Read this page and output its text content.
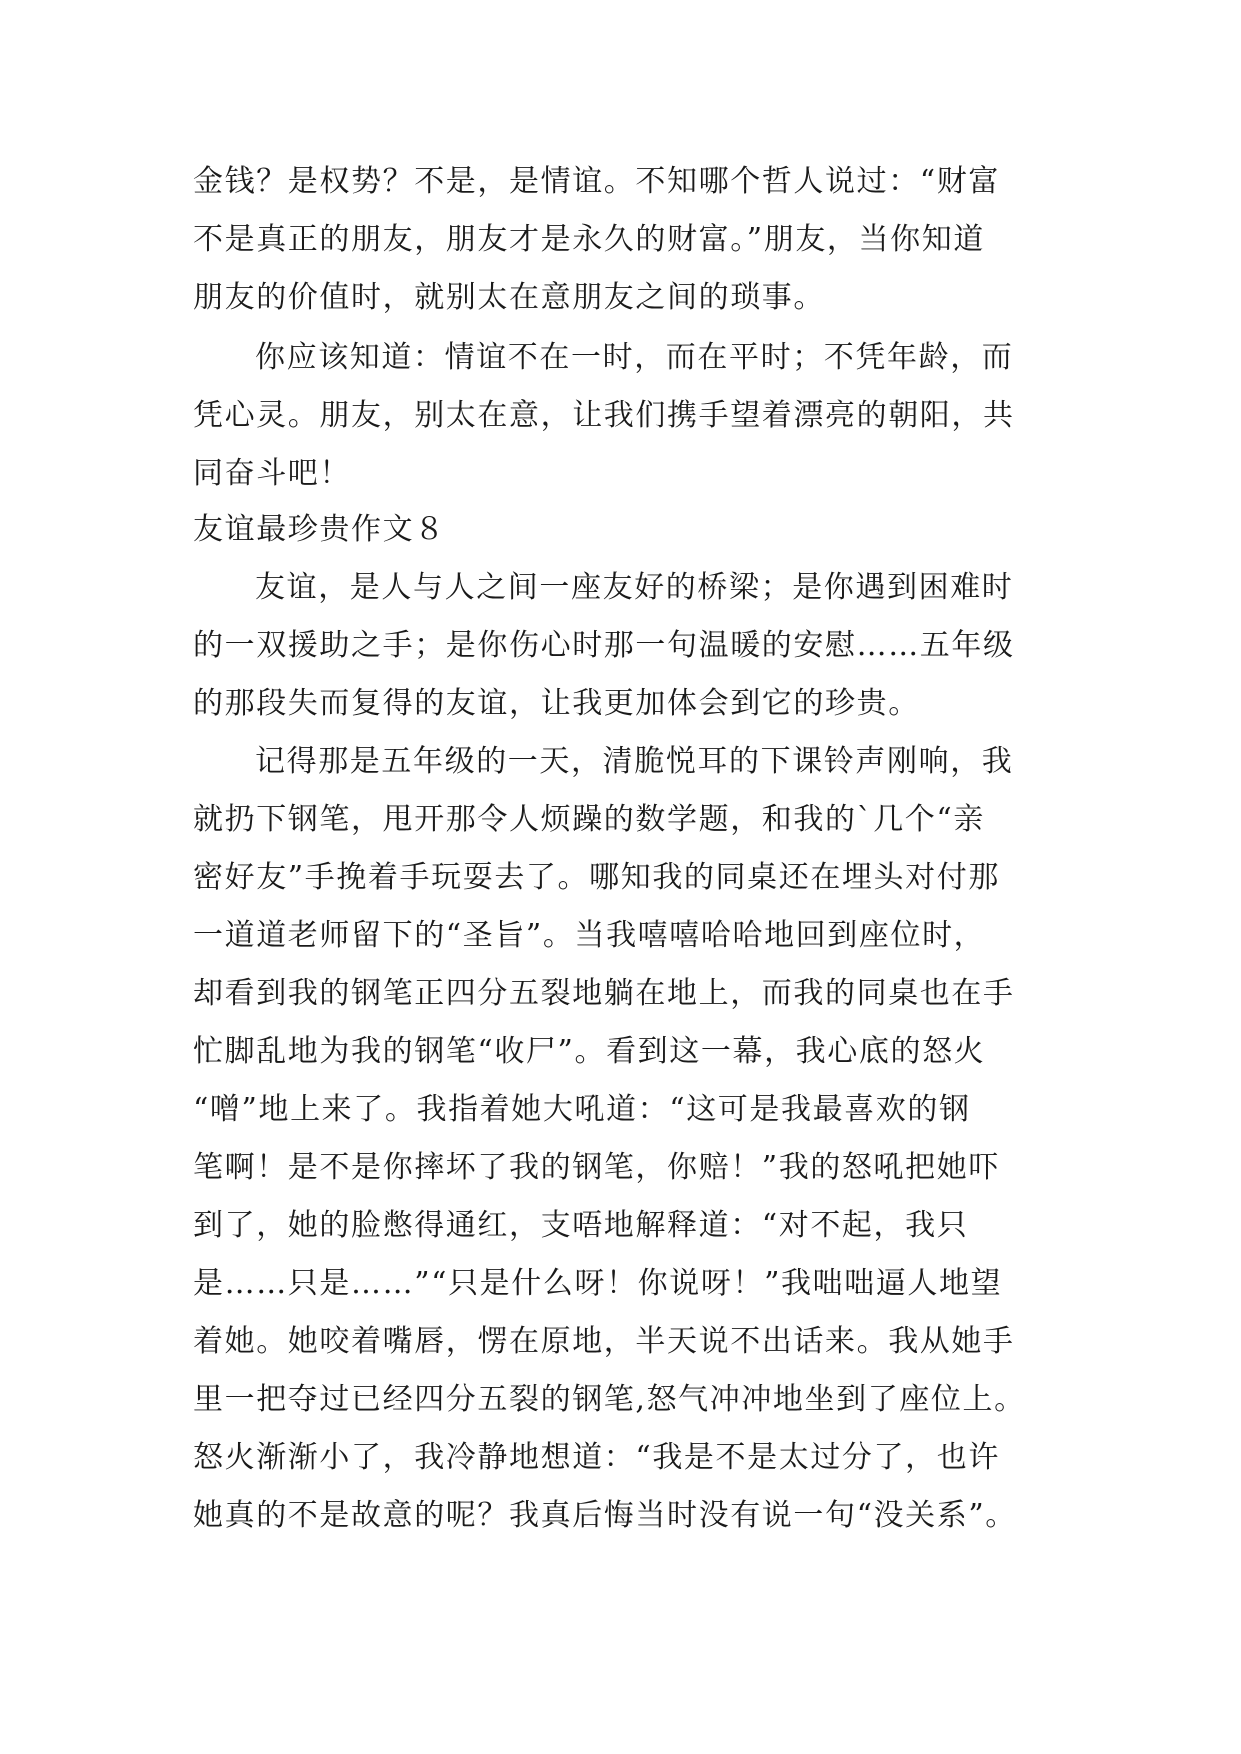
金钱？是权势？不是，是情谊。不知哪个哲人说过：“财富
不是真正的朋友，朋友才是永久的财富。”朋友，当你知道
朋友的价值时，就别太在意朋友之间的琐事。
你应该知道：情谊不在一时，而在平时；不凭年龄，而
凭心灵。朋友，别太在意，让我们携手望着漂亮的朝阳，共
同奋斗吧！
友谊最珍贵作文８
友谊，是人与人之间一座友好的桥梁；是你遇到困难时
的一双援助之手；是你伤心时那一句温暖的安慰……五年级
的那段失而复得的友谊，让我更加体会到它的珍贵。
记得那是五年级的一天，清脆悦耳的下课铃声刚响，我
就扔下钢笔，甩开那令人烦躁的数学题，和我的`几个“亲
密好友”手挽着手玩耍去了。哪知我的同桌还在埋头对付那
一道道老师留下的“圣旨”。当我嘻嘻哈哈地回到座位时，
却看到我的钢笔正四分五裂地躺在地上，而我的同桌也在手
忙脚乱地为我的钢笔“收尸”。看到这一幕，我心底的怒火
“噌”地上来了。我指着她大吼道：“这可是我最喜欢的钢
笔啊！是不是你摔坏了我的钢笔，你赔！”我的怒吼把她吓
到了，她的脸憋得通红，支唔地解释道：“对不起，我只
是……只是……”“只是什么呀！你说呀！”我咄咄逼人地望
着她。她咬着嘴唇，愣在原地，半天说不出话来。我从她手
里一把夺过已经四分五裂的钢笔,怒气冲冲地坐到了座位上。
怒火渐渐小了，我冷静地想道：“我是不是太过分了，也许
她真的不是故意的呢？我真后悔当时没有说一句“没关系”。
